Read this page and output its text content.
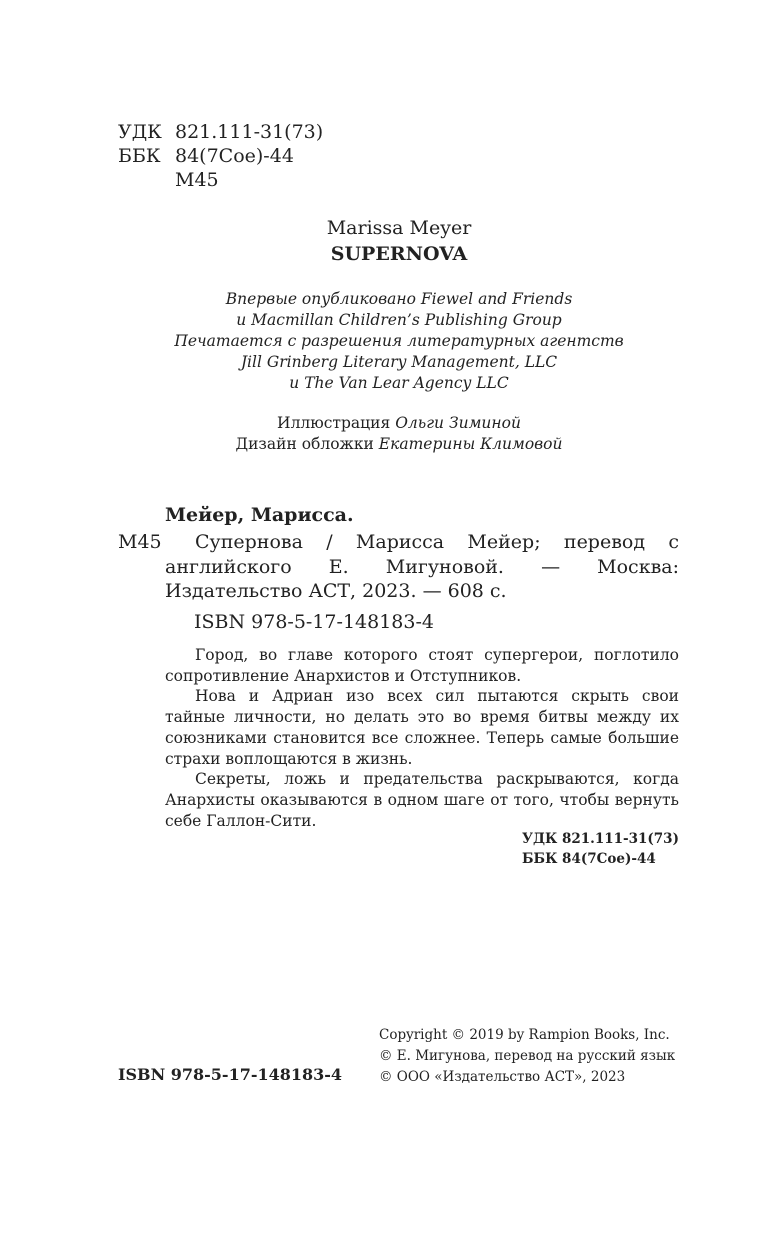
УДК 821.111-31(73)
ББК 84(7Сое)-44
М45
Marissa Meyer
SUPERNOVA
Впервые опубликовано Fiewel and Friends
и Macmillan Children’s Publishing Group
Печатается с разрешения литературных агентств
Jill Grinberg Literary Management, LLC
и The Van Lear Agency LLC
Иллюстрация Ольги Зиминой
Дизайн обложки Екатерины Климовой
Мейер, Марисса.
М45	Супернова / Марисса Мейер; перевод с английского Е. Мигуновой. — Москва: Издательство АСТ, 2023. — 608 с.
ISBN 978-5-17-148183-4

Город, во главе которого стоят супергерои, поглотило сопротивление Анархистов и Отступников.

Нова и Адриан изо всех сил пытаются скрыть свои тайные личности, но делать это во время битвы между их союзниками становится все сложнее. Теперь самые большие страхи воплощаются в жизнь.

Секреты, ложь и предательства раскрываются, когда Анархисты оказываются в одном шаге от того, чтобы вернуть себе Галлон-Сити.

УДК 821.111-31(73)
ББК 84(7Сое)-44
ISBN 978-5-17-148183-4
Copyright © 2019 by Rampion Books, Inc.
© Е. Мигунова, перевод на русский язык
© ООО «Издательство АСТ», 2023
